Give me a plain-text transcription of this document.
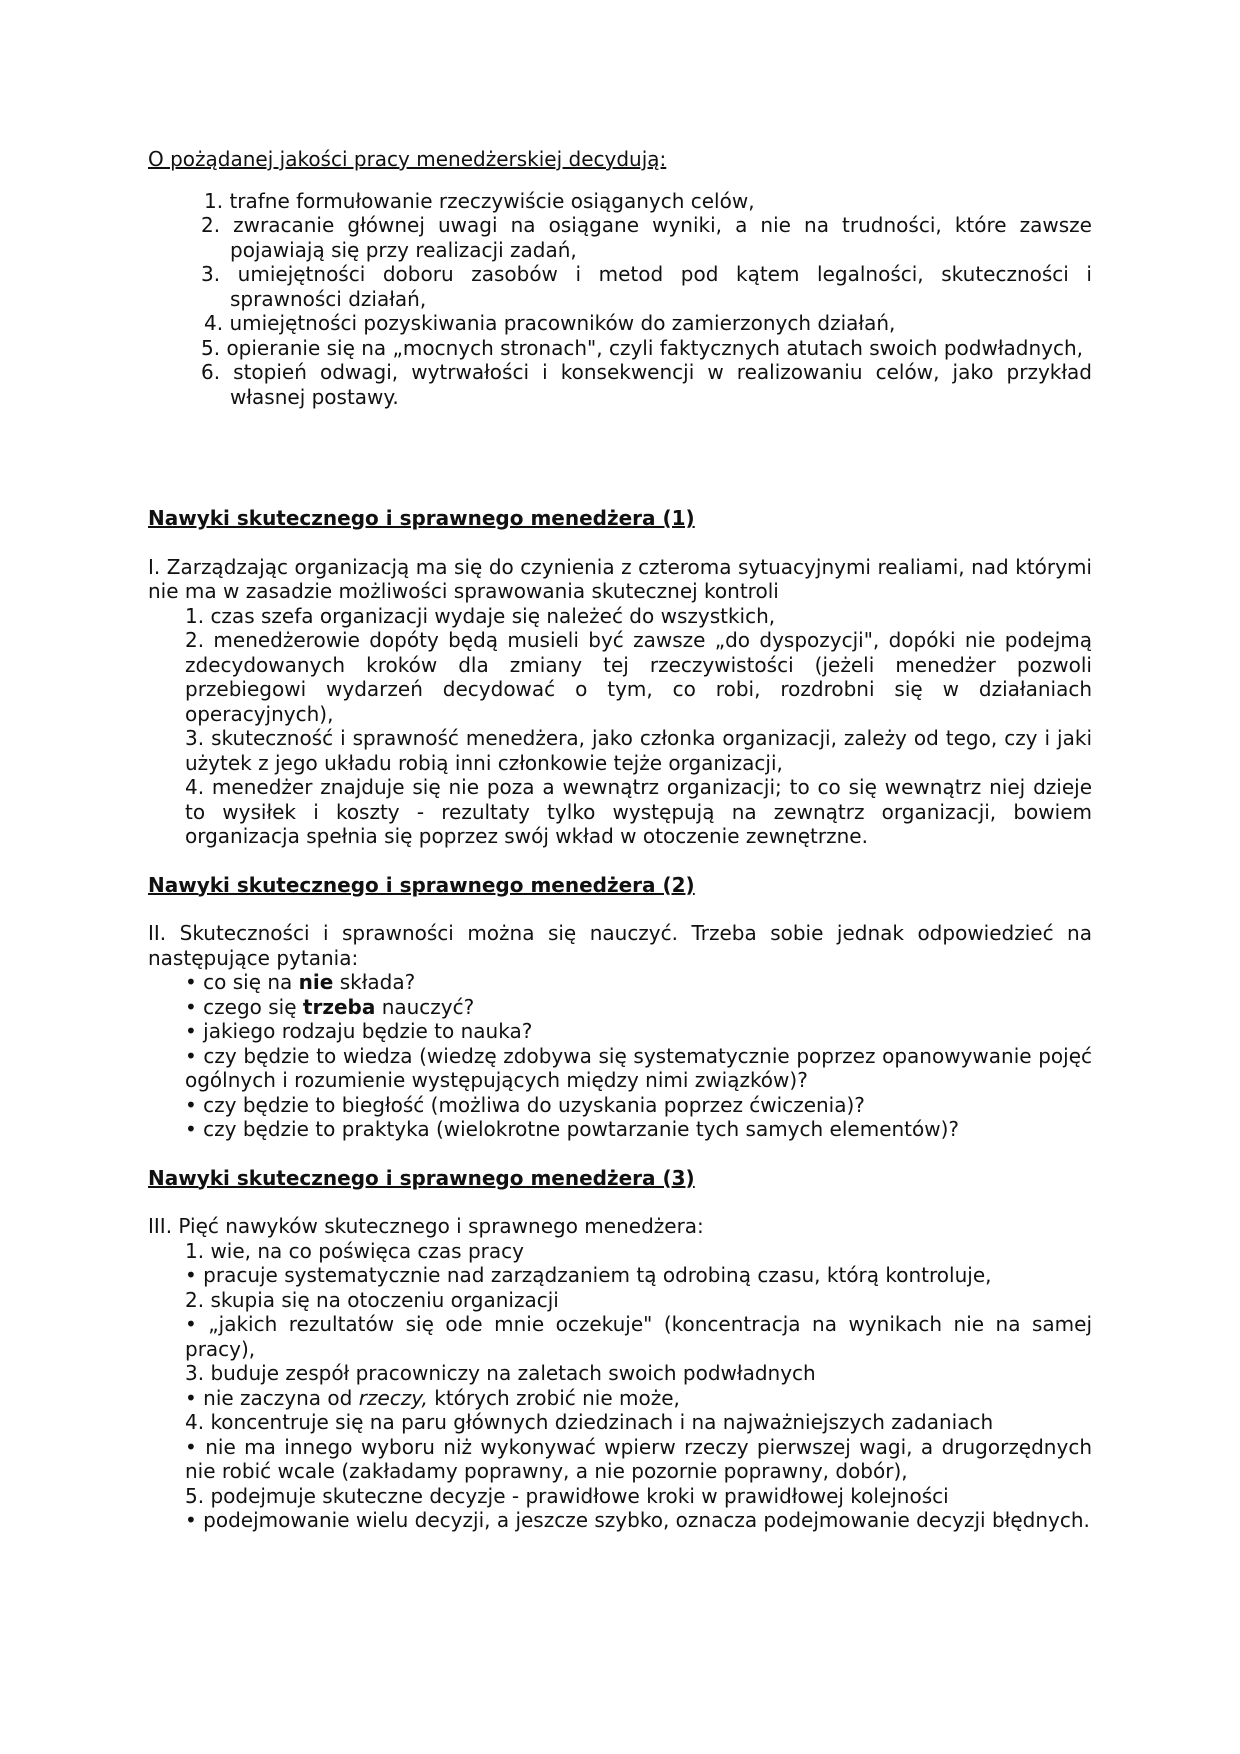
O pożądanej jakości pracy menedżerskiej decydują:

1. trafne formułowanie rzeczywiście osiąganych celów,
2. zwracanie głównej uwagi na osiągane wyniki, a nie na trudności, które zawsze pojawiają się przy realizacji zadań,
3. umiejętności doboru zasobów i metod pod kątem legalności, skuteczności i sprawności działań,
4. umiejętności pozyskiwania pracowników do zamierzonych działań,
5. opieranie się na „mocnych stronach", czyli faktycznych atutach swoich podwładnych,
6. stopień odwagi, wytrwałości i konsekwencji w realizowaniu celów, jako przykład własnej postawy.
Nawyki skutecznego i sprawnego menedżera (1)
I. Zarządzając organizacją ma się do czynienia z czteroma sytuacyjnymi realiami, nad którymi nie ma w zasadzie możliwości sprawowania skutecznej kontroli
1. czas szefa organizacji wydaje się należeć do wszystkich,
2. menedżerowie dopóty będą musieli być zawsze „do dyspozycji", dopóki nie podejmą zdecydowanych kroków dla zmiany tej rzeczywistości (jeżeli menedżer pozwoli przebiegowi wydarzeń decydować o tym, co robi, rozdrobni się w działaniach operacyjnych),
3. skuteczność i sprawność menedżera, jako członka organizacji, zależy od tego, czy i jaki użytek z jego układu robią inni członkowie tejże organizacji,
4. menedżer znajduje się nie poza a wewnątrz organizacji; to co się wewnątrz niej dzieje to wysiłek i koszty - rezultaty tylko występują na zewnątrz organizacji, bowiem organizacja spełnia się poprzez swój wkład w otoczenie zewnętrzne.
Nawyki skutecznego i sprawnego menedżera (2)
II. Skuteczności i sprawności można się nauczyć. Trzeba sobie jednak odpowiedzieć na następujące pytania:
• co się na nie składa?
• czego się trzeba nauczyć?
• jakiego rodzaju będzie to nauka?
• czy będzie to wiedza (wiedzę zdobywa się systematycznie poprzez opanowywanie pojęć ogólnych i rozumienie występujących między nimi związków)?
• czy będzie to biegłość (możliwa do uzyskania poprzez ćwiczenia)?
• czy będzie to praktyka (wielokrotne powtarzanie tych samych elementów)?
Nawyki skutecznego i sprawnego menedżera (3)
III. Pięć nawyków skutecznego i sprawnego menedżera:
1. wie, na co poświęca czas pracy
• pracuje systematycznie nad zarządzaniem tą odrobiną czasu, którą kontroluje,
2. skupia się na otoczeniu organizacji
• „jakich rezultatów się ode mnie oczekuje" (koncentracja na wynikach nie na samej pracy),
3. buduje zespół pracowniczy na zaletach swoich podwładnych
• nie zaczyna od rzeczy, których zrobić nie może,
4. koncentruje się na paru głównych dziedzinach i na najważniejszych zadaniach
• nie ma innego wyboru niż wykonywać wpierw rzeczy pierwszej wagi, a drugorzędnych nie robić wcale (zakładamy poprawny, a nie pozornie poprawny, dobór),
5. podejmuje skuteczne decyzje - prawidłowe kroki w prawidłowej kolejności
• podejmowanie wielu decyzji, a jeszcze szybko, oznacza podejmowanie decyzji błędnych.
